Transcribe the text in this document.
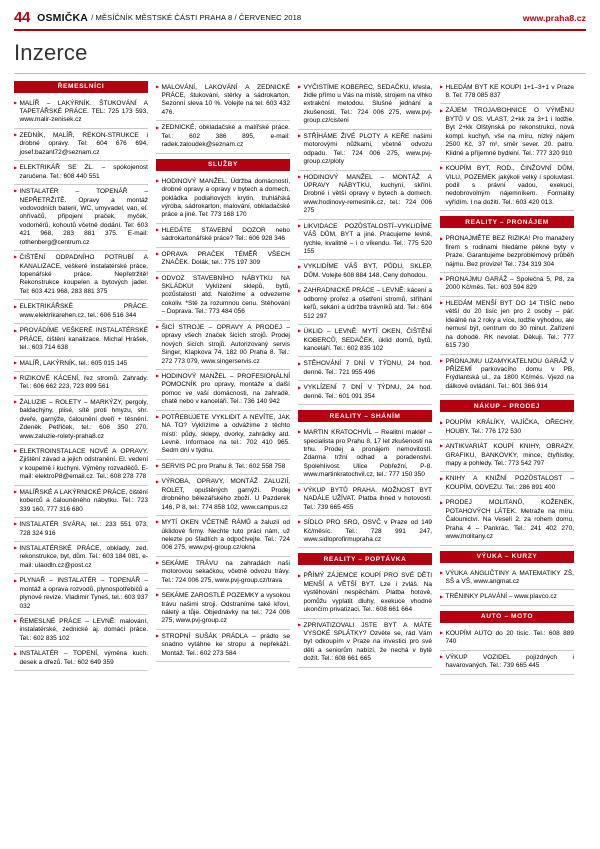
44 OSMIČKA / MĚSÍČNÍK MĚSTSKÉ ČÁSTI PRAHA 8 / ČERVENEC 2018	www.praha8.cz
Inzerce
ŘEMESLNÍCI
▶ MALÍŘ – LAKÝRNÍK. ŠTUKOVÁNÍ A TAPETÁŘSKÉ PRÁCE. TEL: 725 173 593, www.malir-zenisek.cz
▶ ZEDNÍK, MALÍŘ, REKON-STRUKCE i drobné opravy. Tel: 604 676 694, josef.bazant72@seznam.cz
▶ ELEKTRIKÁŘ SE ZL. – spokojenost zaručena. Tel.: 608 440 551
▶ INSTALATÉR – TOPENÁŘ – NEPŘETRŽITĚ. Opravy a montáž vodovodních baterií, WC, umyvadel, van, el. ohřívačů, připojení praček, myček, vodoměrů, kohoutů včetně dodání. Tel: 603 421 968, 283 881 375. E-mail: rothenberg@centrum.cz
▶ ČIŠTĚNÍ ODPADNÍHO POTRUBÍ A KANALIZACE, veškeré instalatérské práce, topenářské práce. Nepřetržitě! Rekonstrukce koupelen a bytových jader. Tel: 603 421 968, 283 881 375
▶ ELEKTRIKÁŘSKÉ PRÁCE. www.elektrikarehen.cz, tel.: 606 516 344
▶ PROVÁDÍME VEŠKERÉ INSTALATÉRSKÉ PRÁCE, čištění kanalizace. Michal Hrášek, tel.: 603 714 638
▶ MALÍŘ, LAKÝRNÍK, tel.: 605 015 145
▶ RIZIKOVÉ KÁCENÍ, řez stromů. Zahrady. Tel.: 606 662 223, 723 899 561
▶ ŽALUZIE – ROLETY – MARKÝZY, pergoly, baldachýny, plisé, sítě proti hmyzu, shr. dveře, garnýže, čalounění dveří + těsnění. Zdeněk Petříček, tel.: 606 350 270, www.zaluzie-rolety-praha8.cz
▶ ELEKTROINSTALACE NOVÉ A OPRAVY. Zjištění závad a jejich odstranění. El. vedení v koupelně i kuchyni. Výměny rozvaděčů. E-mail: elektroP8@email.cz. Tel.: 608 278 778
▶ MALÍŘSKÉ A LAKÝRNICKÉ PRÁCE, čištění koberců a čalouněného nábytku. Tel.: 723 339 160, 777 316 680
▶ INSTALATÉR SVÁRA, tel.: 233 551 973, 728 324 916
▶ INSTALATÉRSKÉ PRÁCE, obklady, zed. rekonstrukce, byt, dům. Tel.: 603 184 081, e-mail: ulaodln.cz@post.cz
▶ PLYNAŘ – INSTALATÉR – TOPENÁŘ – montáž a oprava rozvodů, plynospotřebičů a plynové revize. Vladimír Tyneš, tel.: 603 937 032
▶ ŘEMESLNÉ PRÁCE – LEVNĚ: malování, instalatérské, zednické aj. domácí práce. Tel.: 602 835 102
▶ INSTALATÉR – TOPENÍ, výměna kuch. desek a dřezů. Tel.: 602 649 359
▶ MALOVÁNÍ, LAKOVÁNÍ A ZEDNICKÉ PRÁCE, štukování, stěrky a sádrokarton. Sezonní sleva 10 %. Volejte na tel. 603 432 476.
▶ ZEDNICKÉ, obkladačské a malířské práce. Tel.: 602 386 895, e-mail: radek.zaloudek@seznam.cz
SLUŽBY
▶ HODINOVÝ MANŽEL. Údržba domácností, drobné opravy a opravy v bytech a domech, pokládka podlahových krytin, truhlářská výroba, sádrokarton, malování, obkladačské práce a jiné. Tel: 773 168 170
▶ HLEDÁTE STAVEBNÍ DOZOR nebo sádrokartonářské práce? Tel.: 606 928 346
▶ OPRAVA PRAČEK TÉMĚŘ VŠECH ZNAČEK. Dolák, tel.: 775 197 309
▶ ODVOZ STAVEBNÍHO NÁBYTKU NA SKLÁDKU! Vyklízení sklepů, bytů, pozůstalostí atd. Naložíme a odvezeme cokoliv. *Stě za rozumnou cenu. Stěhování – Doprava. Tel.: 773 484 056
▶ ŠICÍ STROJE – OPRAVY A PRODEJ – opravy všech značek šicích strojů. Prodej nových šicích strojů. Autorizovaný servis Singer, Klapkova 74, 182 00 Praha 8. Tel.: 272 773 079, www.singerservis.cz
▶ HODINOVÝ MANŽEL – PROFESIONÁLNÍ POMOCNÍK pro opravy, montáže a další pomoc ve vaší domácnosti, na zahradě, chatě nebo v kanceláři. Tel.: 736 140 942
▶ POTŘEBUJETE VYKLIDIT A NEVÍTE, JAK NA TO? Vyklízíme a odvážíme z těchto místí: půdy, sklepy, dvorky, zahrádky atd. Levně. Informace na tel.: 702 410 965. Sedm dní v týdnu.
▶ SERVIS PC pro Prahu 8. Tel.: 602 558 758
▶ VÝROBA, OPRAVY, MONTÁŽ ZALUZIÍ, ROLET, opuštěných garnýží. Prodej drobného bělezářského zboží. U Pazderek 146, P 8, tel.: 774 858 102, www.campus.cz
▶ MYTÍ OKEN VČETNĚ RÁMŮ a žaluzií od úklidové firmy. Nechte tuto práci nám, už nelezte po šfadlích a odpočívejte. Tel.: 724 006 275, www.pvj-group.cz/okna
▶ SEKÁME TRÁVU na zahradách naši motorovou sekačkou, včetně odvozu trávy. Tel.: 724 006 275, www.pvj-group.cz/trava
▶ SEKÁME ZAROSTLÉ POZEMKY a vysokou trávu našimi stroji. Odstraníme také křoví, náletý a tůje. Objednávky na tel.: 724 006 275, www.pvj-group.cz
▶ STROPNÍ SUŠÁK PRÁDLA – prádlo se snadno vytáhne ke stropu a nepřekáží. Montáž. Tel.: 602 273 584
▶ VYČISTÍME KOBEREC, SEDAČKU, křesla, židle přímo u Vás na místě, strojem na vlhko extrakční metodou. Slušné jednání a zkušenosti. Tel.: 724 006 275, www.pvj-group.cz/cisteni
▶ STŘÍHÁME ŽIVÉ PLOTY A KEŘE našimi motorovými nůžkami, včetně odvozu odpadu. Tel.: 724 006 275, www.pvj-group.cz/ploty
▶ HODINOVÝ MANŽEL – MONTÁŽ A ÚPRAVY NÁBYTKU, kuchyní, skříní. Drobné i větší opravy v bytech a domech. www.hodinovy-remeslnik.cz, tel.: 724 006 275
▶ LIKVIDACE POZŮSTALOSTÍ–VYKLIDÍME VÁŠ DŮM, BYT a jiné. Pracujeme levně, rychle, kvalitně – i o víkendu. Tel.: 775 520 155
▶ VYKLIDÍME VÁŠ BYT, PŮDU, SKLEP, DŮM. Volejte 608 884 148. Ceny dohodou.
▶ ZAHRADNICKÉ PRÁCE – LEVNĚ: kácení a odborný prořez a ošetření stromů, stříhání keřů, sekání a údržba trávníků atd. Tel.: 604 512 297
▶ ÚKLID – LEVNĚ: MYTÍ OKEN, ČIŠTĚNÍ KOBERCŮ, SEDAČEK, úklid domů, bytů, kanceláří. Tel.: 602 835 102
▶ STĚHOVÁNÍ 7 DNÍ V TÝDNU, 24 hod. denně. Tel.: 721 955 496
▶ VYKLÍZENÍ 7 DNÍ V TÝDNU, 24 hod. denně. Tel.: 601 091 354
REALITY – SHÁNÍM
▶ MARTIN KRATOCHVÍL – Realitní makléř – specialista pro Prahu 8, 17 let zkušeností na trhu. Prodej a pronájem nemovitostí. Zdarma tržní odhad a poradenství. SpolehIivost. Ulice Pobřežní, P-8. www.martinkratochvil.cz, tel.: 777 150 350
▶ VÝKUP BYTŮ PRAHA. MOŽNOST BYT NADÁLE UŽÍVAT. Platba ihned v hotovosti. Tel.: 739 665 455
▶ SÍDLO PRO SRO, OSVČ v Praze od 149 Kč/měsíc. Tel.: 728 991 247, www.sidloprofirmupraha.cz
REALITY – POPTÁVKA
▶ PŘÍMÝ ZÁJEMCE KOUPÍ PRO SVÉ DĚTI MENŠÍ A VĚTŠÍ BYT. Lze i zvláš. Na vystěhování nespěchám. Platba hotově, pomůžu vyplatit dluhy, exekuce vhodné ukončím privatizaci. Tel.: 608 661 664
▶ ZPRIVATIZOVALI JSTE BYT A MÁTE VYSOKÉ SPLÁTKY? Ozvěte se, rád Vám byt odkoupím v Praze na investici pro své děti a seniorům nabízí, že nechá v bytě dožít. Tel.: 608 661 665
▶ HLEDÁM BYT KE KOUPI 1+1–3+1 v Praze 8. Tel: 778 085 837
▶ ZÁJEM TROJA/BOHNICE O VÝMĚNU BYTŮ V OS. VLAST. 2+kk za 3+1 i lodžie. Byt 2+kk Olštýnská po rekonstrukci, nová kompl. kuchyň, vše na míru, nízký nájem 2500 Kč, 37 m², směr sever. 20. patro. Klidné a příjemné bydlení. Tel.: 777 320 910
▶ KOUPÍM BYT, ROD., ČINŽOVNÍ DŮM, VILU, POZEMEK jakýkoli velký i spoluvlast. podíl s právní vadou, exekucí, nedobrovolným nájemníkem. Formality vyřídím. I na dožití. Tel.: 603 420 013.
REALITY – PRONÁJEM
▶ PRONAJMĚTE BEZ RIZIKA! Pro manažery firem s rodinami hledáme pěkné byty v Praze. Garantujeme bezproblémový průběh nájmu. Bez provize! Tel.: 734 319 304
▶ PRONAJMU GARÁŽ – Společná 5, P8, za 2000 Kč/měs. Tel.: 603 594 829
▶ HLEDÁM MENŠÍ BYT DO 14 TISÍC nebo větší do 20 tisíc jen pro 2 osoby – pár. Ideálně na 2 roky a více, lodžie výhodou, ale nemusí být, centrum do 30 minut. Zařízení na dohodě. RK nevolat. Děkuji. Tel.: 777 615 730
▶ PRONAJMU UZAMYKATELNOU GARÁŽ V PŘÍZEMÍ parkovacího domu v PB, Frýdlantská ul., za 1800 Kč/měs. Vjezd na dálkové ovládání. Tel.: 601 366 914
NÁKUP – PRODEJ
▶ POUPÍM KRÁLÍKY, VAJÍČKA, OŘECHY, HOUBY. Tel.: 776 172 530
▶ ANTIKVARIÁT KOUPÍ KNIHY, OBRAZY, GRAFIKU, BANKOVKY, mince, čtyřlístky, mapy a pohledy. Tel.: 773 542 797
▶ KNIHY A KNIŽNÍ POZŮSTALOST – KOUPÍM, ODVEZU. Tel.: 286 891 400
▶ PRODEJ MOLITANŮ, KOŽENEK, POTAHOVÝCH LÁTEK. Metraže na míru. Čalounictví. Na Veselí 2, za rohem domu, Praha 4 – Pankrác. Tel.: 241 402 270, www.molitany.cz
VÝUKA – KURZY
▶ VÝUKA ANGLIČTINY A MATEMATIKY ZŠ, SŠ a VŠ, www.angmat.cz
▶ TRÉNINKY PLAVÁNÍ – www.plavco.cz
AUTO – MOTO
▶ KOUPÍM AUTO do 20 tisíc. Tel.: 608 889 740
▶ VÝKUP VOZIDEL pojízdných i havarovaných. Tel.: 739 665 445
